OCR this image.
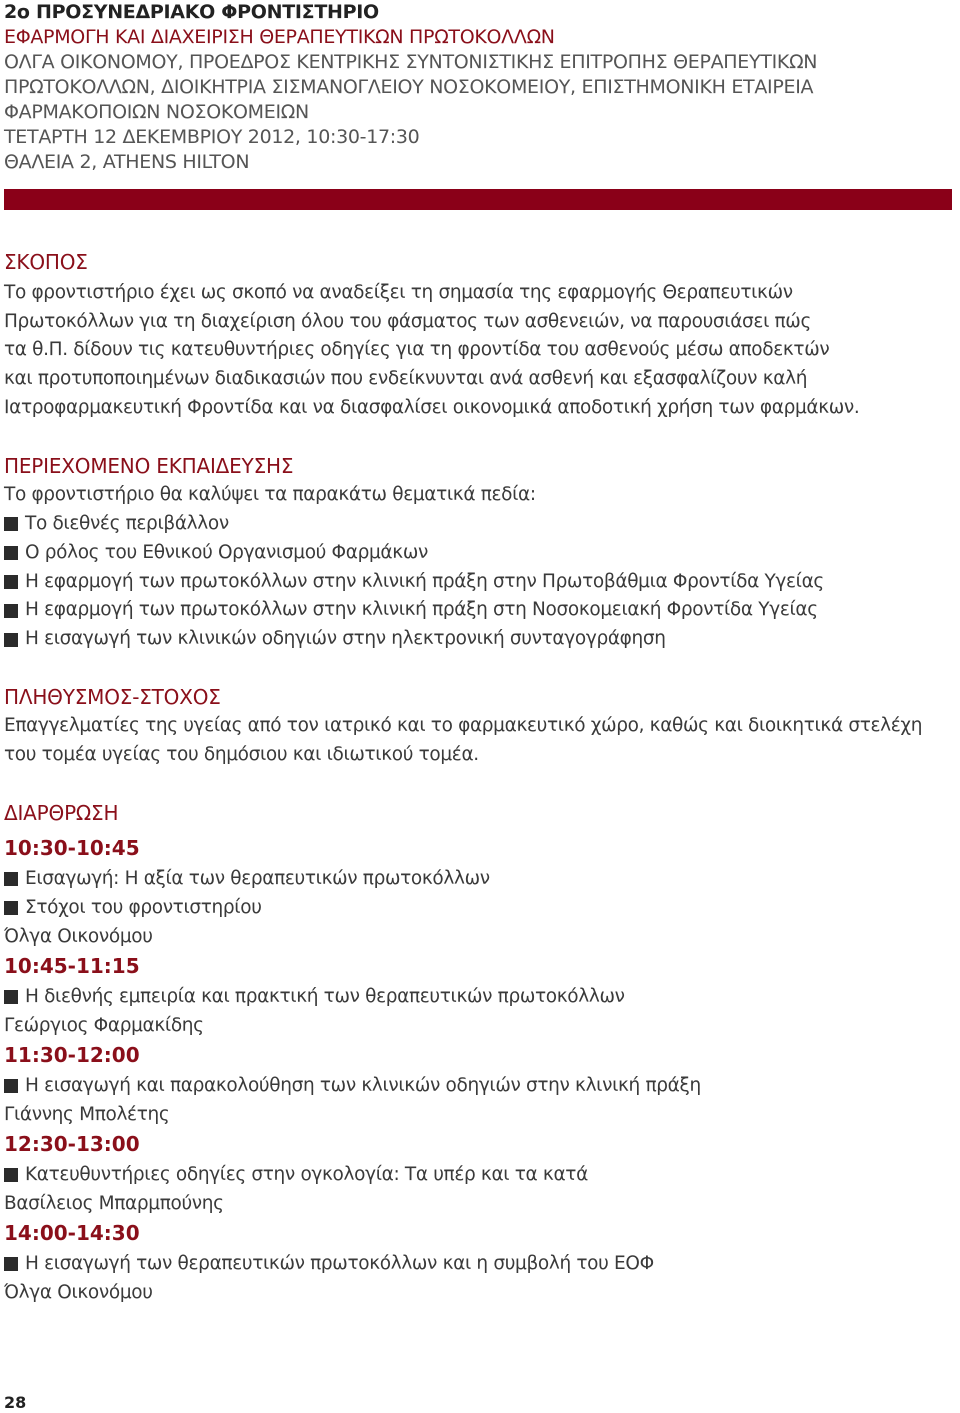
2ο ΠΡΟΣΥΝΕΔΡΙΑΚΟ ΦΡΟΝΤΙΣΤΗΡΙΟ
ΕΦΑΡΜΟΓΗ ΚΑΙ ΔΙΑΧΕΙΡΙΣΗ ΘΕΡΑΠΕΥΤΙΚΩΝ ΠΡΩΤΟΚΟΛΛΩΝ
ΟΛΓΑ ΟΙΚΟΝΟΜΟΥ, ΠΡΟΕΔΡΟΣ ΚΕΝΤΡΙΚΗΣ ΣΥΝΤΟΝΙΣΤΙΚΗΣ ΕΠΙΤΡΟΠΗΣ ΘΕΡΑΠΕΥΤΙΚΩΝ
ΠΡΩΤΟΚΟΛΛΩΝ, ΔΙΟΙΚΗΤΡΙΑ ΣΙΣΜΑΝΟΓΛΕΙΟΥ ΝΟΣΟΚΟΜΕΙΟΥ, ΕΠΙΣΤΗΜΟΝΙΚΗ ΕΤΑΙΡΕΙΑ
ΦΑΡΜΑΚΟΠΟΙΩΝ ΝΟΣΟΚΟΜΕΙΩΝ
ΤΕΤΑΡΤΗ 12 ΔΕΚΕΜΒΡΙΟΥ 2012, 10:30-17:30
ΘΑΛΕΙΑ 2, ATHENS HILTON
ΣΚΟΠΟΣ
Το φροντιστήριο έχει ως σκοπό να αναδείξει τη σημασία της εφαρμογής Θεραπευτικών
Πρωτοκόλλων για τη διαχείριση όλου του φάσματος των ασθενειών, να παρουσιάσει πώς
τα θ.Π. δίδουν τις κατευθυντήριες οδηγίες για τη φροντίδα του ασθενούς μέσω αποδεκτών
και προτυποποιημένων διαδικασιών που ενδείκνυνται ανά ασθενή και εξασφαλίζουν καλή
Ιατροφαρμακευτική Φροντίδα και να διασφαλίσει οικονομικά αποδοτική χρήση των φαρμάκων.
ΠΕΡΙΕΧΟΜΕΝΟ ΕΚΠΑΙΔΕΥΣΗΣ
Το φροντιστήριο θα καλύψει τα παρακάτω θεματικά πεδία:
Το διεθνές περιβάλλον
Ο ρόλος του Εθνικού Οργανισμού Φαρμάκων
Η εφαρμογή των πρωτοκόλλων στην κλινική πράξη στην Πρωτοβάθμια Φροντίδα Υγείας
Η εφαρμογή των πρωτοκόλλων στην κλινική πράξη στη Νοσοκομειακή Φροντίδα Υγείας
Η εισαγωγή των κλινικών οδηγιών στην ηλεκτρονική συνταγογράφηση
ΠΛΗΘΥΣΜΟΣ-ΣΤΟΧΟΣ
Επαγγελματίες της υγείας από τον ιατρικό και το φαρμακευτικό χώρο, καθώς και διοικητικά στελέχη
του τομέα υγείας του δημόσιου και ιδιωτικού τομέα.
ΔΙΑΡΘΡΩΣΗ
10:30-10:45
Εισαγωγή: Η αξία των θεραπευτικών πρωτοκόλλων
Στόχοι του φροντιστηρίου
Όλγα Οικονόμου
10:45-11:15
Η διεθνής εμπειρία και πρακτική των θεραπευτικών πρωτοκόλλων
Γεώργιος Φαρμακίδης
11:30-12:00
Η εισαγωγή και παρακολούθηση των κλινικών οδηγιών στην κλινική πράξη
Γιάννης Μπολέτης
12:30-13:00
Κατευθυντήριες οδηγίες στην ογκολογία: Τα υπέρ και τα κατά
Βασίλειος Μπαρμπούνης
14:00-14:30
Η εισαγωγή των θεραπευτικών πρωτοκόλλων και η συμβολή του ΕΟΦ
Όλγα Οικονόμου
28
